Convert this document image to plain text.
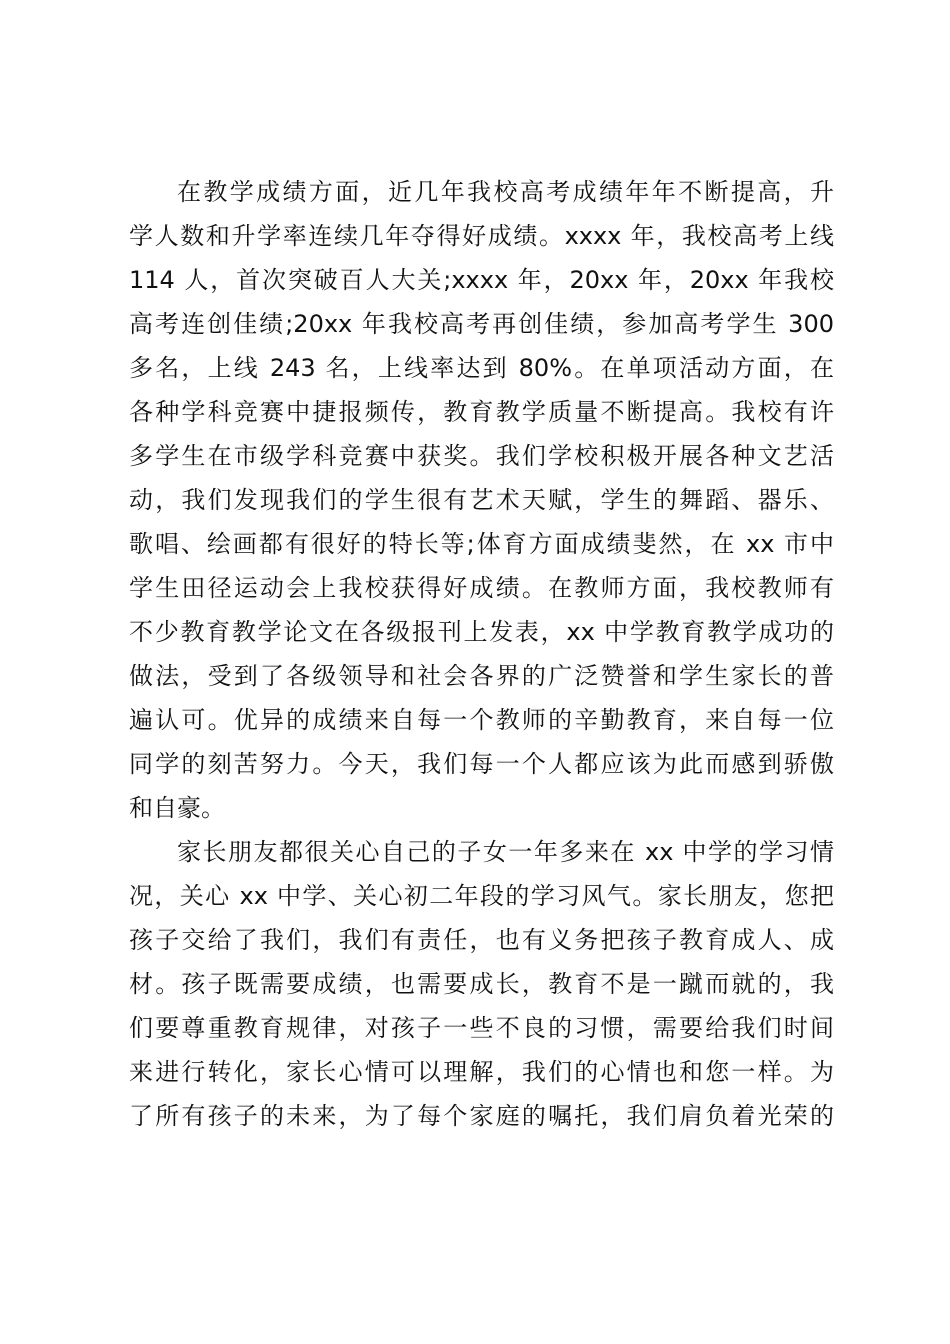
在教学成绩方面，近几年我校高考成绩年年不断提高，升
学人数和升学率连续几年夺得好成绩。xxxx 年，我校高考上线
114 人，首次突破百人大关;xxxx 年，20xx 年，20xx 年我校
高考连创佳绩;20xx 年我校高考再创佳绩，参加高考学生 300
多名，上线 243 名，上线率达到 80%。在单项活动方面，在
各种学科竞赛中捷报频传，教育教学质量不断提高。我校有许
多学生在市级学科竞赛中获奖。我们学校积极开展各种文艺活
动，我们发现我们的学生很有艺术天赋，学生的舞蹈、器乐、
歌唱、绘画都有很好的特长等;体育方面成绩斐然，在 xx 市中
学生田径运动会上我校获得好成绩。在教师方面，我校教师有
不少教育教学论文在各级报刊上发表，xx 中学教育教学成功的
做法，受到了各级领导和社会各界的广泛赞誉和学生家长的普
遍认可。优异的成绩来自每一个教师的辛勤教育，来自每一位
同学的刻苦努力。今天，我们每一个人都应该为此而感到骄傲
和自豪。
家长朋友都很关心自己的子女一年多来在 xx 中学的学习情
况，关心 xx 中学、关心初二年段的学习风气。家长朋友，您把
孩子交给了我们，我们有责任，也有义务把孩子教育成人、成
材。孩子既需要成绩，也需要成长，教育不是一蹴而就的，我
们要尊重教育规律，对孩子一些不良的习惯，需要给我们时间
来进行转化，家长心情可以理解，我们的心情也和您一样。为
了所有孩子的未来，为了每个家庭的嘱托，我们肩负着光荣的
